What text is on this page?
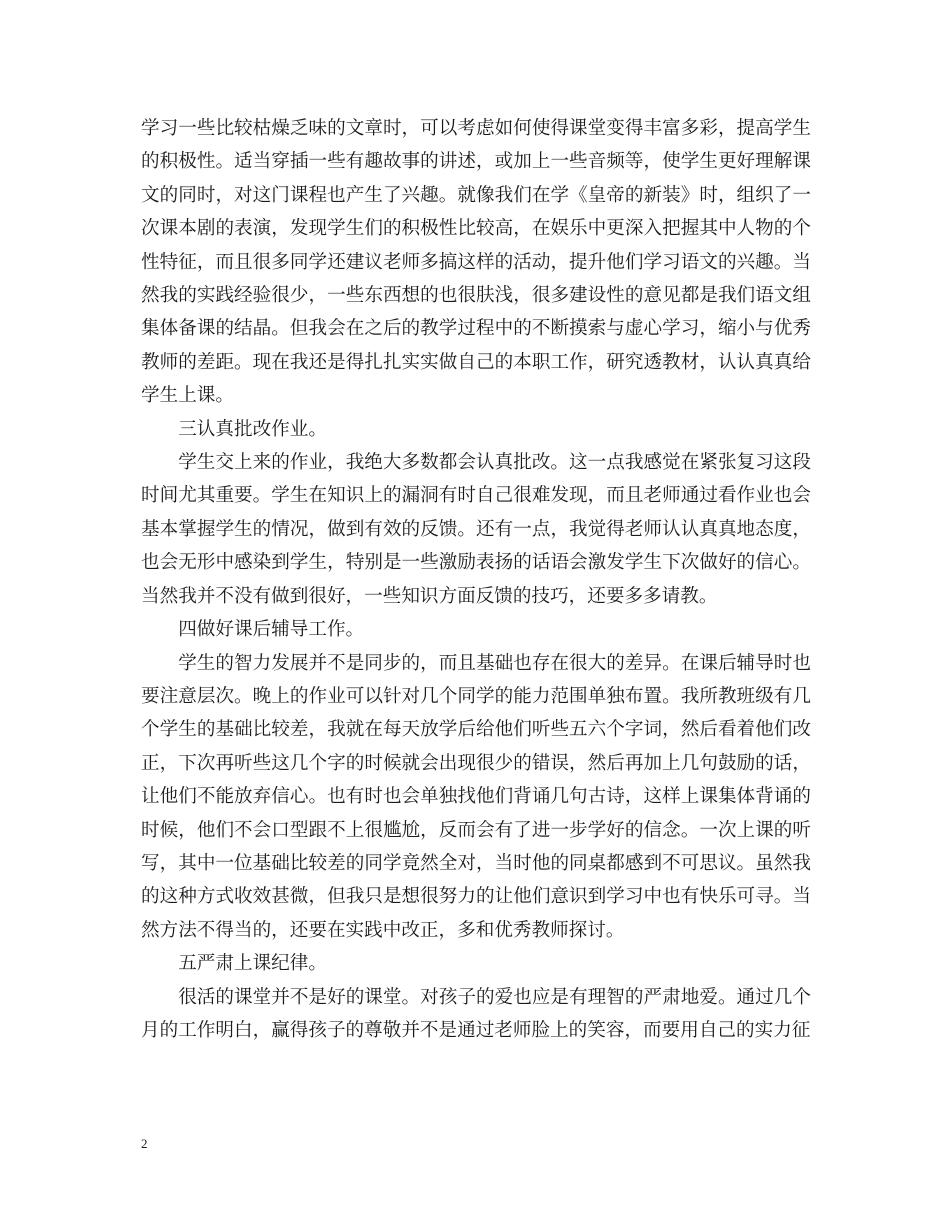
学习一些比较枯燥乏味的文章时，可以考虑如何使得课堂变得丰富多彩，提高学生的积极性。适当穿插一些有趣故事的讲述，或加上一些音频等，使学生更好理解课文的同时，对这门课程也产生了兴趣。就像我们在学《皇帝的新装》时，组织了一次课本剧的表演，发现学生们的积极性比较高，在娱乐中更深入把握其中人物的个性特征，而且很多同学还建议老师多搞这样的活动，提升他们学习语文的兴趣。当然我的实践经验很少，一些东西想的也很肤浅，很多建设性的意见都是我们语文组集体备课的结晶。但我会在之后的教学过程中的不断摸索与虚心学习，缩小与优秀教师的差距。现在我还是得扎扎实实做自己的本职工作，研究透教材，认认真真给学生上课。

三认真批改作业。

学生交上来的作业，我绝大多数都会认真批改。这一点我感觉在紧张复习这段时间尤其重要。学生在知识上的漏洞有时自己很难发现，而且老师通过看作业也会基本掌握学生的情况，做到有效的反馈。还有一点，我觉得老师认认真真地态度，也会无形中感染到学生，特别是一些激励表扬的话语会激发学生下次做好的信心。当然我并不没有做到很好，一些知识方面反馈的技巧，还要多多请教。

四做好课后辅导工作。

学生的智力发展并不是同步的，而且基础也存在很大的差异。在课后辅导时也要注意层次。晚上的作业可以针对几个同学的能力范围单独布置。我所教班级有几个学生的基础比较差，我就在每天放学后给他们听些五六个字词，然后看着他们改正，下次再听些这几个字的时候就会出现很少的错误，然后再加上几句鼓励的话，让他们不能放弃信心。也有时也会单独找他们背诵几句古诗，这样上课集体背诵的时候，他们不会口型跟不上很尴尬，反而会有了进一步学好的信念。一次上课的听写，其中一位基础比较差的同学竟然全对，当时他的同桌都感到不可思议。虽然我的这种方式收效甚微，但我只是想很努力的让他们意识到学习中也有快乐可寻。当然方法不得当的，还要在实践中改正，多和优秀教师探讨。

五严肃上课纪律。

很活的课堂并不是好的课堂。对孩子的爱也应是有理智的严肃地爱。通过几个月的工作明白，赢得孩子的尊敬并不是通过老师脸上的笑容，而要用自己的实力征

2
